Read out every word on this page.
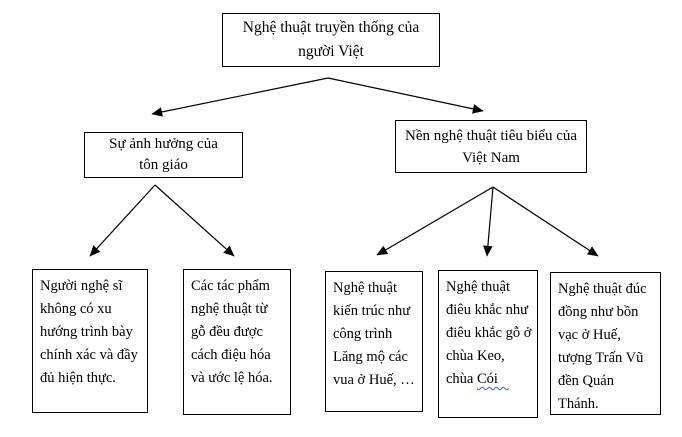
Nghệ thuật truyền thống của người Việt
Sự ảnh hưởng của tôn giáo
Nền nghệ thuật tiêu biểu của Việt Nam
Người nghệ sĩ không có xu hướng trình bày chính xác và đầy đủ hiện thực.
Các tác phẩm nghệ thuật từ gỗ đều được cách điệu hóa và ước lệ hóa.
Nghệ thuật kiến trúc như công trình Lăng mộ các vua ở Huế, …
Nghệ thuật điêu khắc như điêu khắc gỗ ở chùa Keo, chùa Cói
Nghệ thuật đúc đồng như bồn vạc ở Huế, tượng Trấn Vũ đền Quán Thánh.
